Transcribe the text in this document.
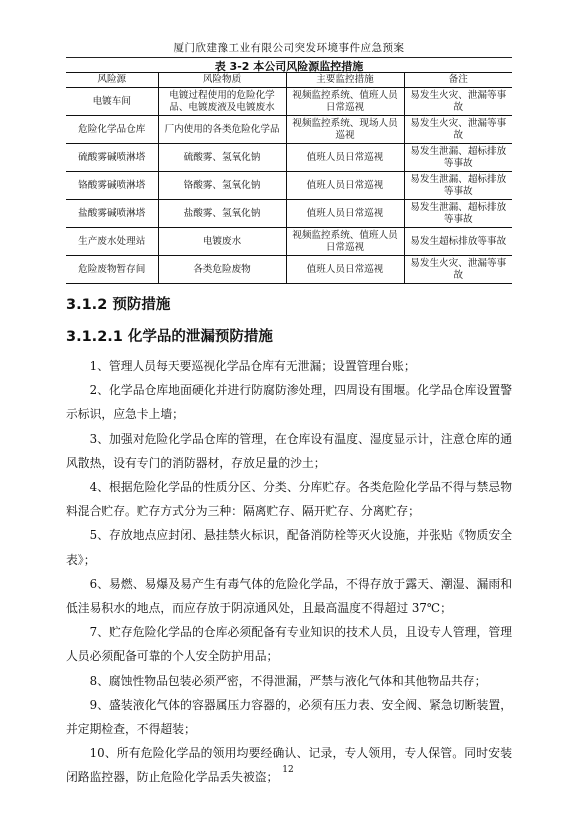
厦门欣建豫工业有限公司突发环境事件应急预案
表 3-2 本公司风险源监控措施
风险源	风险物质	主要监控措施	备注
电镀车间	电镀过程使用的危险化学品、电镀废液及电镀废水	视频监控系统、值班人员日常巡视	易发生火灾、泄漏等事故
危险化学品仓库	厂内使用的各类危险化学品	视频监控系统、现场人员巡视	易发生火灾、泄漏等事故
硫酸雾碱喷淋塔	硫酸雾、氢氧化钠	值班人员日常巡视	易发生泄漏、超标排放等事故
铬酸雾碱喷淋塔	铬酸雾、氢氧化钠	值班人员日常巡视	易发生泄漏、超标排放等事故
盐酸雾碱喷淋塔	盐酸雾、氢氧化钠	值班人员日常巡视	易发生泄漏、超标排放等事故
生产废水处理站	电镀废水	视频监控系统、值班人员日常巡视	易发生超标排放等事故
危险废物暂存间	各类危险废物	值班人员日常巡视	易发生火灾、泄漏等事故
3.1.2 预防措施
3.1.2.1 化学品的泄漏预防措施

1、管理人员每天要巡视化学品仓库有无泄漏；设置管理台账；

2、化学品仓库地面硬化并进行防腐防渗处理，四周设有围堰。化学品仓库设置警示标识，应急卡上墙；

3、加强对危险化学品仓库的管理，在仓库设有温度、湿度显示计，注意仓库的通风散热，设有专门的消防器材，存放足量的沙土；

4、根据危险化学品的性质分区、分类、分库贮存。各类危险化学品不得与禁忌物料混合贮存。贮存方式分为三种：隔离贮存、隔开贮存、分离贮存；

5、存放地点应封闭、悬挂禁火标识，配备消防栓等灭火设施，并张贴《物质安全表》；

6、易燃、易爆及易产生有毒气体的危险化学品，不得存放于露天、潮湿、漏雨和低洼易积水的地点，而应存放于阴凉通风处，且最高温度不得超过 37℃；

7、贮存危险化学品的仓库必须配备有专业知识的技术人员，且设专人管理，管理人员必须配备可靠的个人安全防护用品；

8、腐蚀性物品包装必须严密，不得泄漏，严禁与液化气体和其他物品共存；

9、盛装液化气体的容器属压力容器的，必须有压力表、安全阀、紧急切断装置，并定期检查，不得超装；

10、所有危险化学品的领用均要经确认、记录，专人领用，专人保管。同时安装闭路监控器，防止危险化学品丢失被盗；

12
